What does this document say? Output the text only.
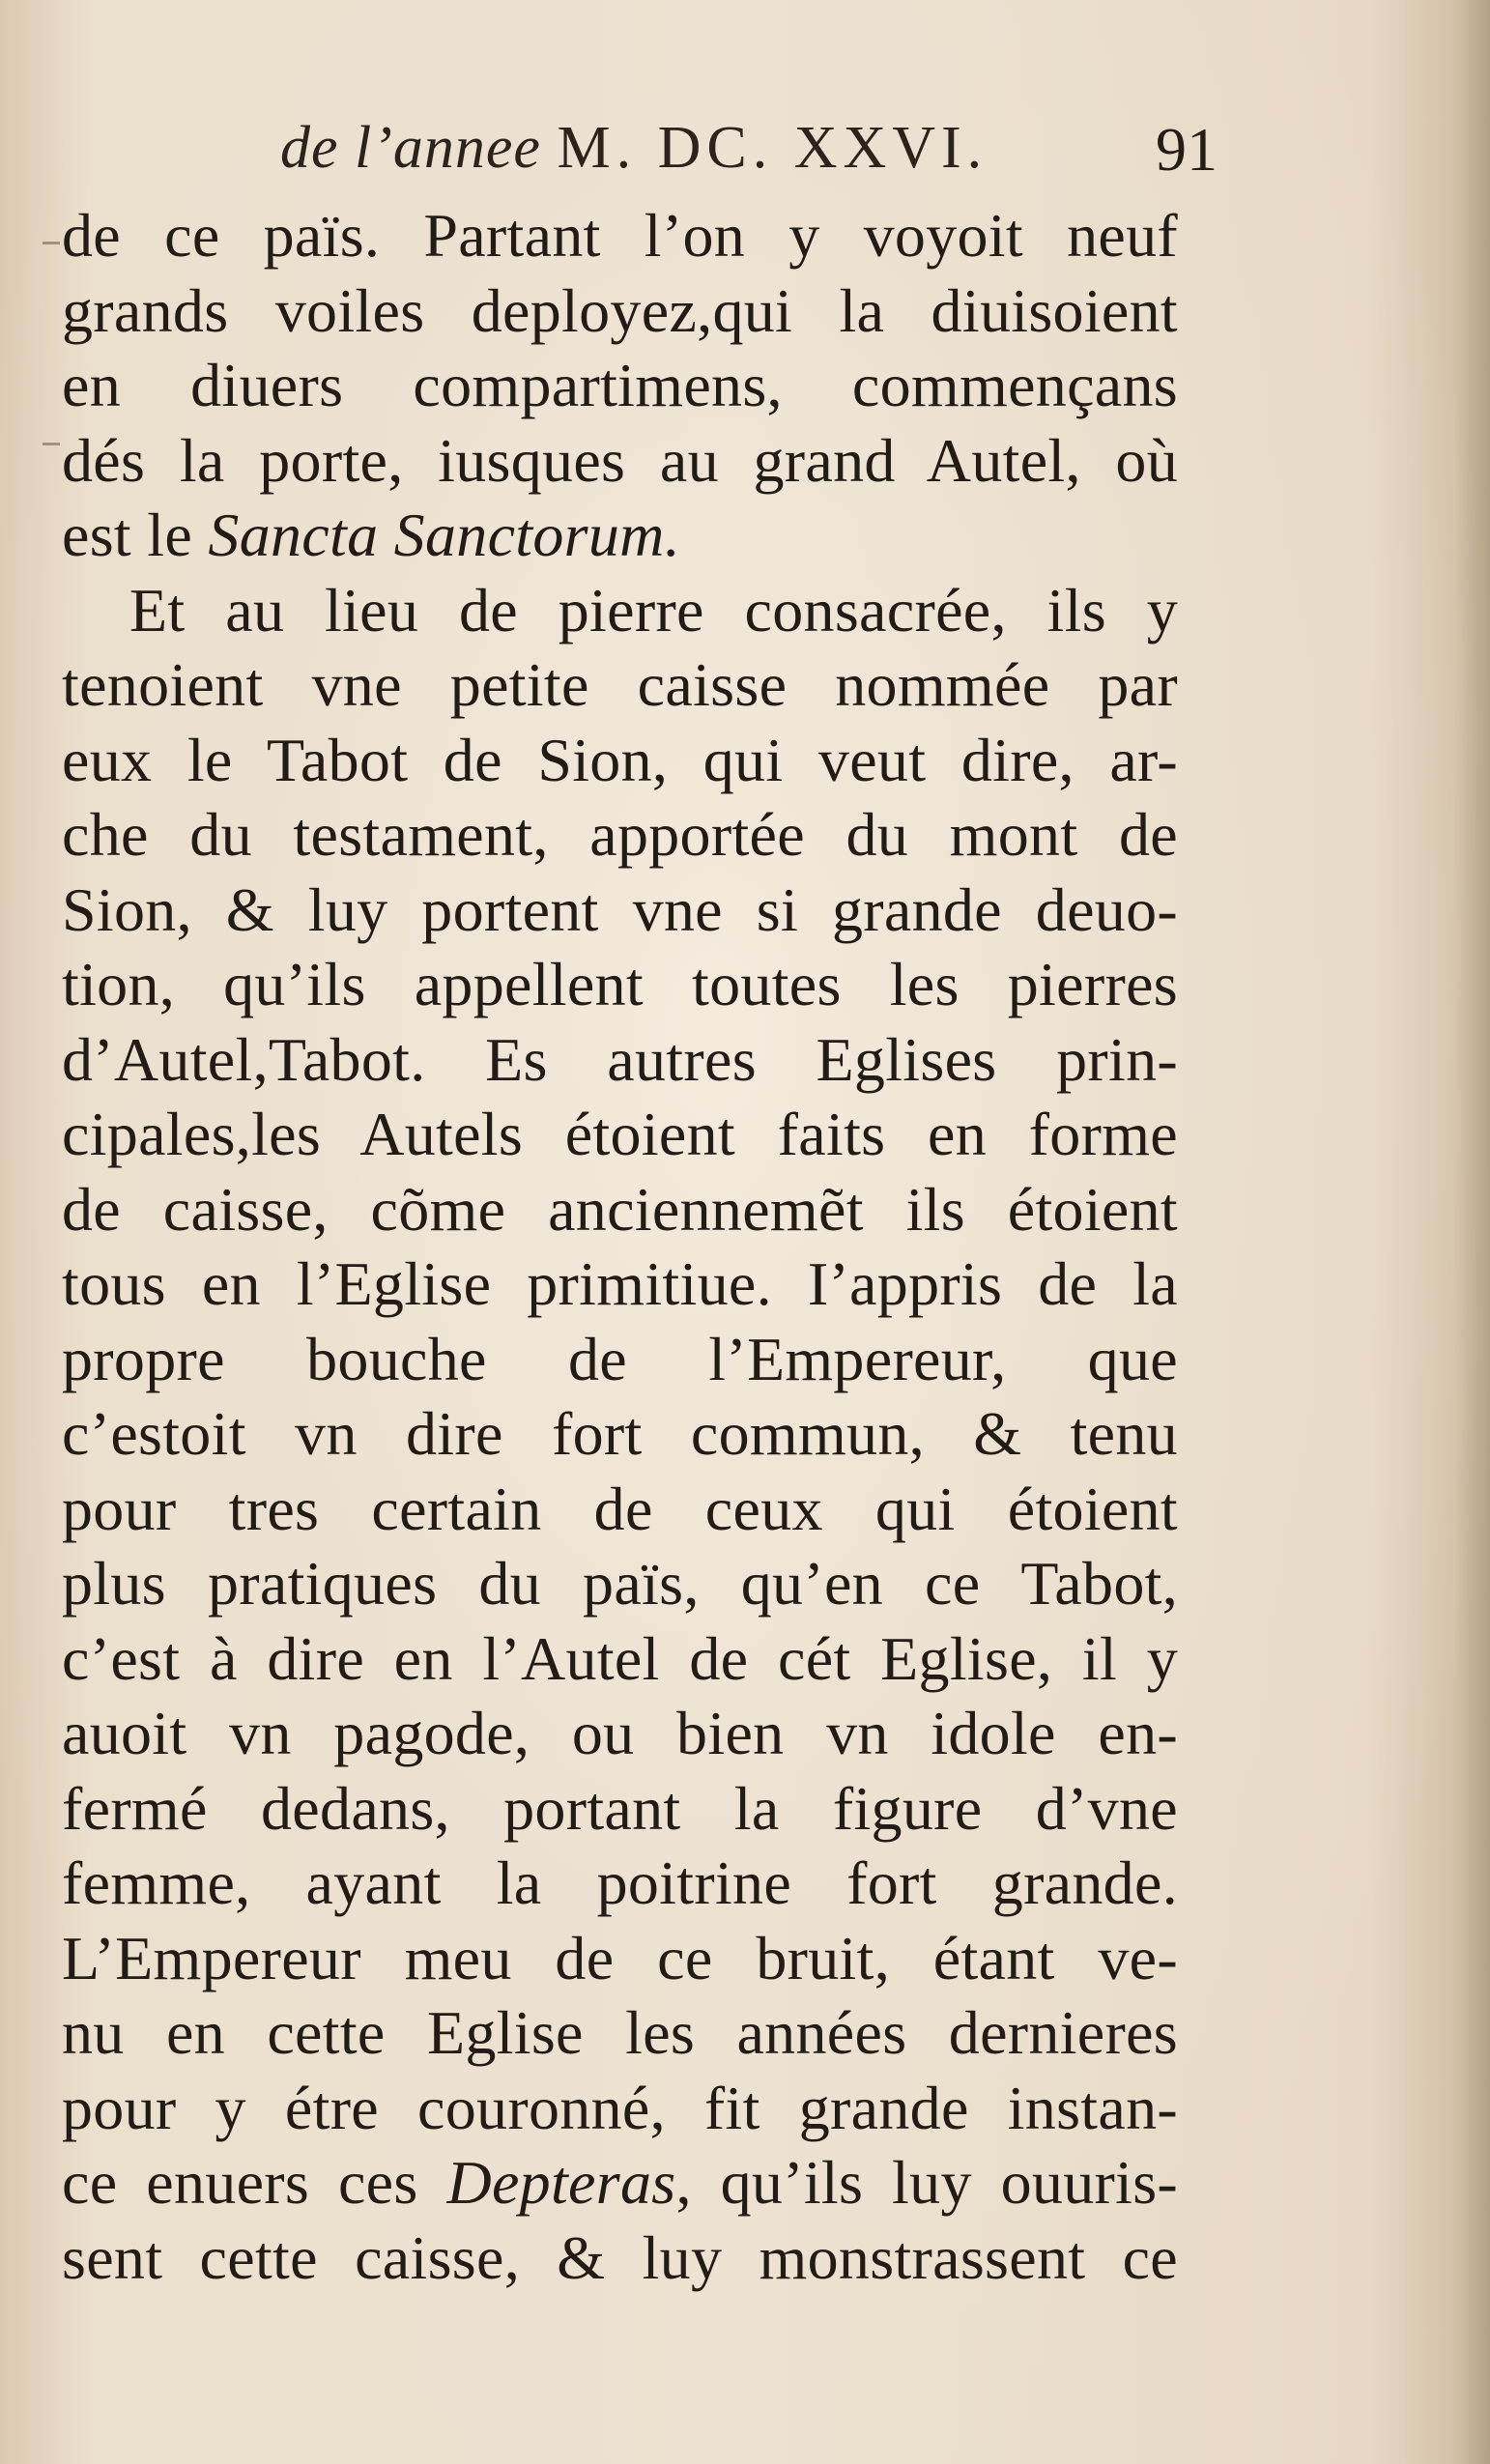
de l’annee M. DC. XXVI.	91
de ce païs. Partant l’on y voyoit neuf
grands voiles deployez,qui la diuisoient
en diuers compartimens, commençans
dés la porte, iusques au grand Autel, où
est le Sancta Sanctorum.
Et au lieu de pierre consacrée, ils y
tenoient vne petite caisse nommée par
eux le Tabot de Sion, qui veut dire, ar-
che du testament, apportée du mont de
Sion, & luy portent vne si grande deuo-
tion, qu’ils appellent toutes les pierres
d’Autel,Tabot. Es autres Eglises prin-
cipales,les Autels étoient faits en forme
de caisse, cõme anciennemẽt ils étoient
tous en l’Eglise primitiue. I’appris de la
propre bouche de l’Empereur, que
c’estoit vn dire fort commun, & tenu
pour tres certain de ceux qui étoient
plus pratiques du païs, qu’en ce Tabot,
c’est à dire en l’Autel de cét Eglise, il y
auoit vn pagode, ou bien vn idole en-
fermé dedans, portant la figure d’vne
femme, ayant la poitrine fort grande.
L’Empereur meu de ce bruit, étant ve-
nu en cette Eglise les années dernieres
pour y étre couronné, fit grande instan-
ce enuers ces Depteras, qu’ils luy ouuris-
sent cette caisse, & luy monstrassent ce
